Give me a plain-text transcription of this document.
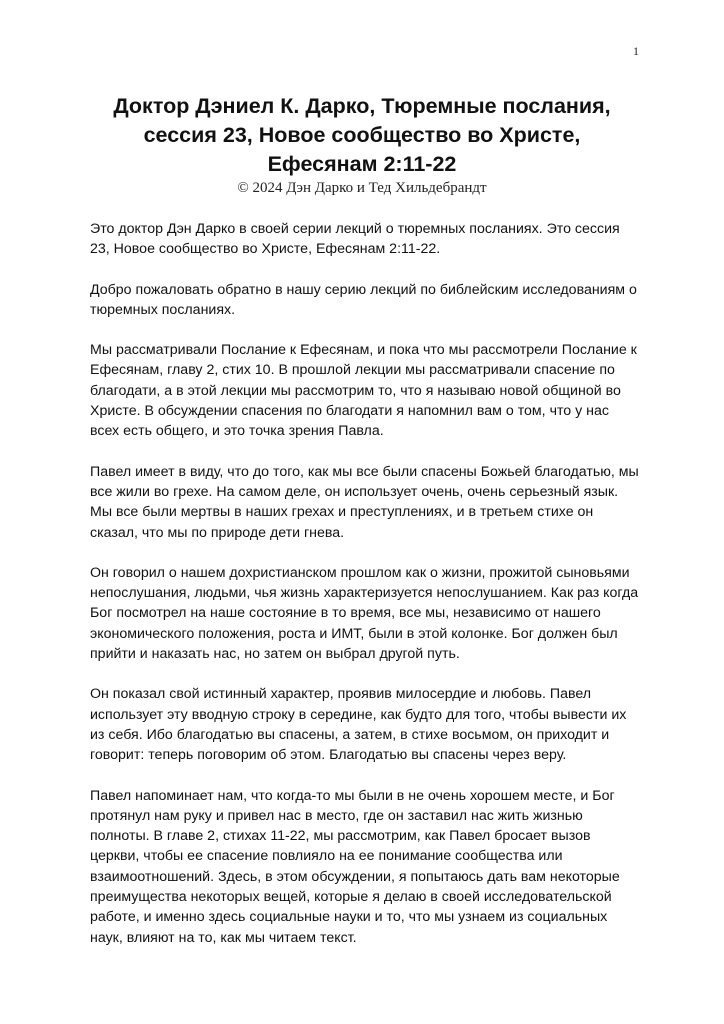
1
Доктор Дэниел К. Дарко, Тюремные послания,
сессия 23, Новое сообщество во Христе,
Ефесянам 2:11-22

© 2024 Дэн Дарко и Тед Хильдебрандт

Это доктор Дэн Дарко в своей серии лекций о тюремных посланиях. Это сессия 23, Новое сообщество во Христе, Ефесянам 2:11-22.

Добро пожаловать обратно в нашу серию лекций по библейским исследованиям о тюремных посланиях.

Мы рассматривали Послание к Ефесянам, и пока что мы рассмотрели Послание к Ефесянам, главу 2, стих 10. В прошлой лекции мы рассматривали спасение по благодати, а в этой лекции мы рассмотрим то, что я называю новой общиной во Христе. В обсуждении спасения по благодати я напомнил вам о том, что у нас всех есть общего, и это точка зрения Павла.

Павел имеет в виду, что до того, как мы все были спасены Божьей благодатью, мы все жили во грехе. На самом деле, он использует очень, очень серьезный язык. Мы все были мертвы в наших грехах и преступлениях, и в третьем стихе он сказал, что мы по природе дети гнева.

Он говорил о нашем дохристианском прошлом как о жизни, прожитой сыновьями непослушания, людьми, чья жизнь характеризуется непослушанием. Как раз когда Бог посмотрел на наше состояние в то время, все мы, независимо от нашего экономического положения, роста и ИМТ, были в этой колонке. Бог должен был прийти и наказать нас, но затем он выбрал другой путь.

Он показал свой истинный характер, проявив милосердие и любовь. Павел использует эту вводную строку в середине, как будто для того, чтобы вывести их из себя. Ибо благодатью вы спасены, а затем, в стихе восьмом, он приходит и говорит: теперь поговорим об этом. Благодатью вы спасены через веру.

Павел напоминает нам, что когда-то мы были в не очень хорошем месте, и Бог протянул нам руку и привел нас в место, где он заставил нас жить жизнью полноты. В главе 2, стихах 11-22, мы рассмотрим, как Павел бросает вызов церкви, чтобы ее спасение повлияло на ее понимание сообщества или взаимоотношений. Здесь, в этом обсуждении, я попытаюсь дать вам некоторые преимущества некоторых вещей, которые я делаю в своей исследовательской работе, и именно здесь социальные науки и то, что мы узнаем из социальных наук, влияют на то, как мы читаем текст.
